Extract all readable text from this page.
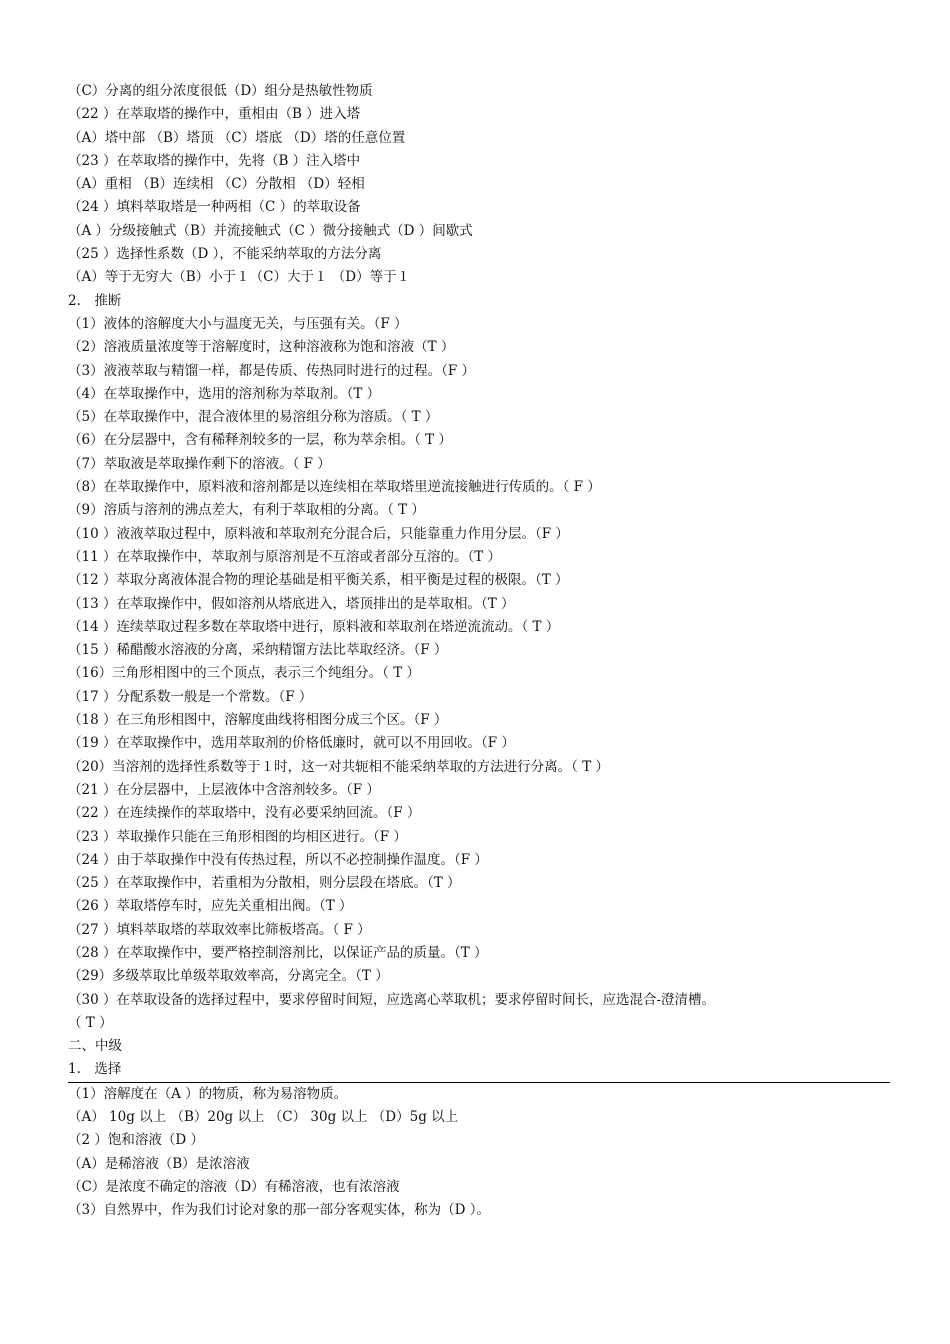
（C）分离的组分浓度很低（D）组分是热敏性物质
（22 ）在萃取塔的操作中，重相由（B ）进入塔
（A）塔中部 （B）塔顶 （C）塔底 （D）塔的任意位置
（23 ）在萃取塔的操作中，先将（B ）注入塔中
（A）重相 （B）连续相 （C）分散相 （D）轻相
（24 ）填料萃取塔是一种两相（C ）的萃取设备
（A ）分级接触式（B）并流接触式（C ）微分接触式（D ）间歇式
（25 ）选择性系数（D ），不能采纳萃取的方法分离
（A）等于无穷大（B）小于１（C）大于１ （D）等于１
2.　推断
（1）液体的溶解度大小与温度无关，与压强有关。（F ）
（2）溶液质量浓度等于溶解度时，这种溶液称为饱和溶液（T ）
（3）液液萃取与精馏一样，都是传质、传热同时进行的过程。（F ）
（4）在萃取操作中，选用的溶剂称为萃取剂。（T ）
（5）在萃取操作中，混合液体里的易溶组分称为溶质。（ T ）
（6）在分层器中，含有稀释剂较多的一层，称为萃余相。（ T ）
（7）萃取液是萃取操作剩下的溶液。（ F ）
（8）在萃取操作中，原料液和溶剂都是以连续相在萃取塔里逆流接触进行传质的。（ F ）
（9）溶质与溶剂的沸点差大，有利于萃取相的分离。（ T ）
（10 ）液液萃取过程中，原料液和萃取剂充分混合后，只能靠重力作用分层。（F ）
（11 ）在萃取操作中，萃取剂与原溶剂是不互溶或者部分互溶的。（T ）
（12 ）萃取分离液体混合物的理论基础是相平衡关系，相平衡是过程的极限。（T ）
（13 ）在萃取操作中，假如溶剂从塔底进入，塔顶排出的是萃取相。（T ）
（14 ）连续萃取过程多数在萃取塔中进行，原料液和萃取剂在塔逆流流动。（ T ）
（15 ）稀醋酸水溶液的分离，采纳精馏方法比萃取经济。（F ）
（16）三角形相图中的三个顶点，表示三个纯组分。（ T ）
（17 ）分配系数一般是一个常数。（F ）
（18 ）在三角形相图中，溶解度曲线将相图分成三个区。（F ）
（19 ）在萃取操作中，选用萃取剂的价格低廉时，就可以不用回收。（F ）
（20）当溶剂的选择性系数等于１时，这一对共轭相不能采纳萃取的方法进行分离。（ T ）
（21 ）在分层器中，上层液体中含溶剂较多。（F ）
（22 ）在连续操作的萃取塔中，没有必要采纳回流。（F ）
（23 ）萃取操作只能在三角形相图的均相区进行。（F ）
（24 ）由于萃取操作中没有传热过程，所以不必控制操作温度。（F ）
（25 ）在萃取操作中，若重相为分散相，则分层段在塔底。（T ）
（26 ）萃取塔停车时，应先关重相出阀。（T ）
（27 ）填料萃取塔的萃取效率比筛板塔高。（ F ）
（28 ）在萃取操作中，要严格控制溶剂比，以保证产品的质量。（T ）
（29）多级萃取比单级萃取效率高，分离完全。（T ）
（30 ）在萃取设备的选择过程中，要求停留时间短，应选离心萃取机；要求停留时间长，应选混合-澄清槽。
（ T ）
二、中级
1.　选择
（1）溶解度在（A ）的物质，称为易溶物质。
（A） 10g 以上 （B）20g 以上 （C） 30g 以上 （D）5g 以上
（2 ）饱和溶液（D ）
（A）是稀溶液（B）是浓溶液
（C）是浓度不确定的溶液（D）有稀溶液，也有浓溶液
（3）自然界中，作为我们讨论对象的那一部分客观实体，称为（D ）。
